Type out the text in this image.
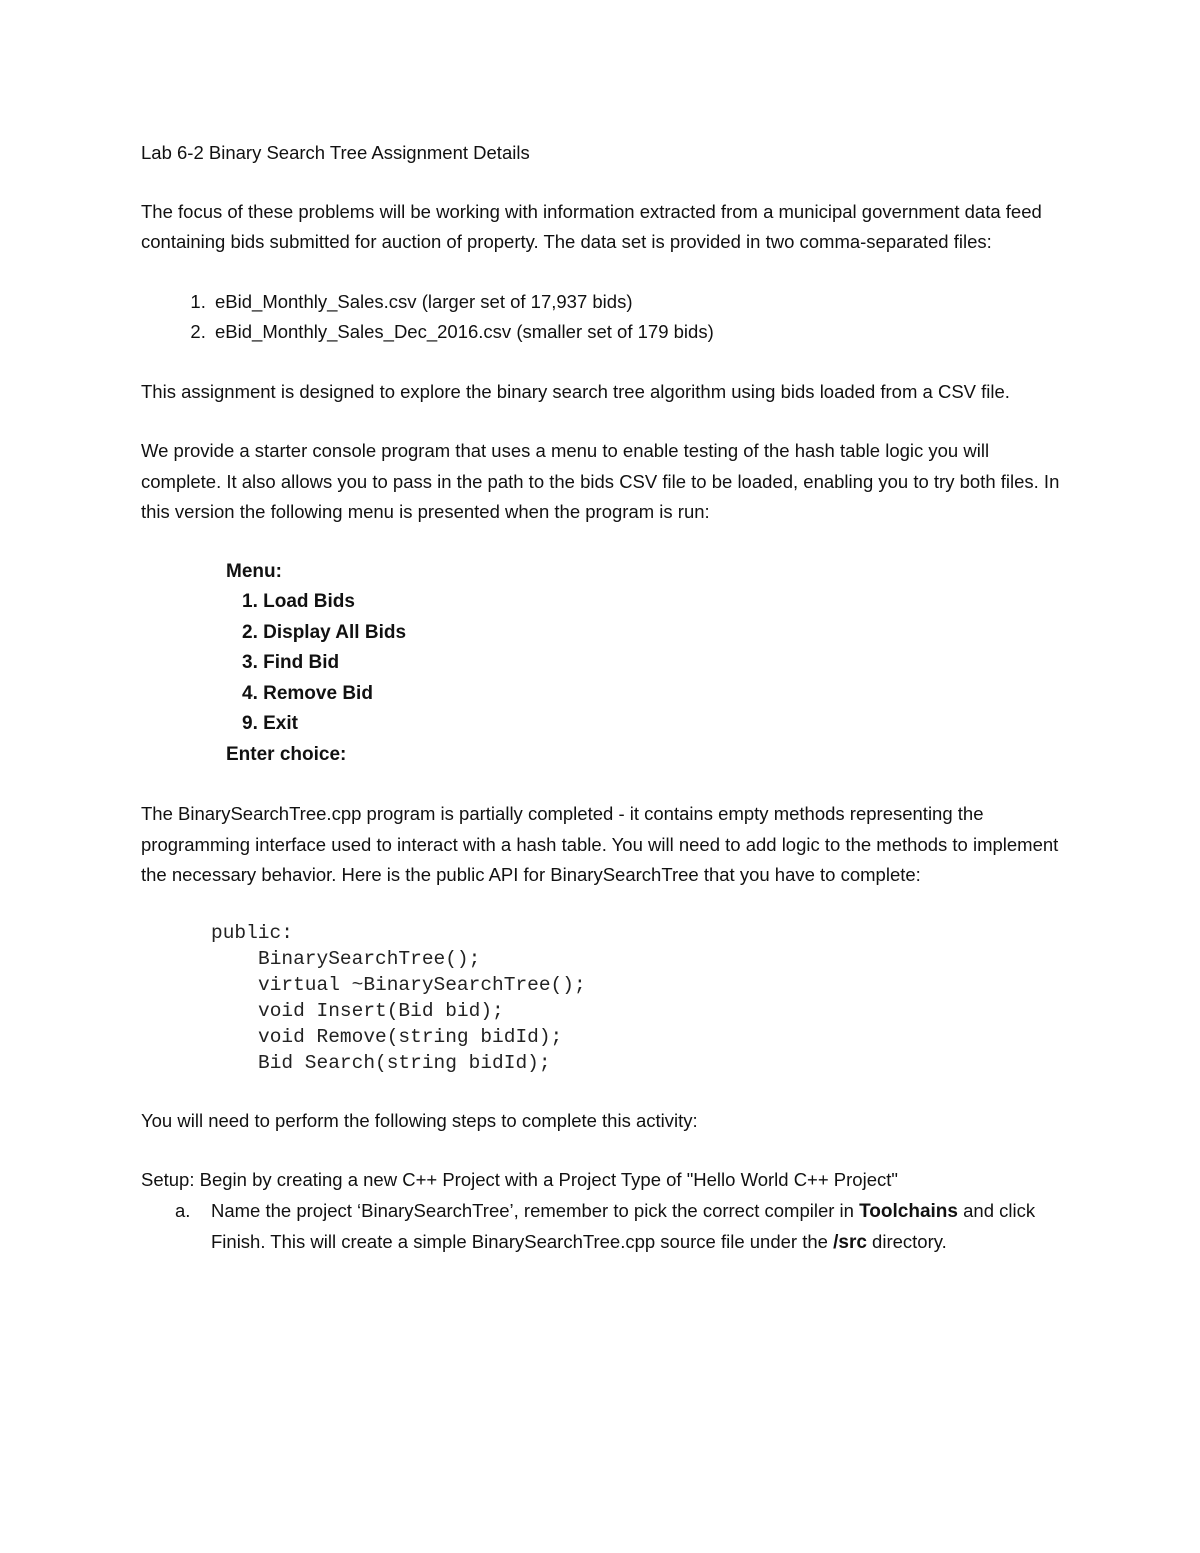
Lab 6-2 Binary Search Tree Assignment Details

The focus of these problems will be working with information extracted from a municipal government data feed containing bids submitted for auction of property. The data set is provided in two comma-separated files:

1. eBid_Monthly_Sales.csv (larger set of 17,937 bids)
2. eBid_Monthly_Sales_Dec_2016.csv (smaller set of 179 bids)

This assignment is designed to explore the binary search tree algorithm using bids loaded from a CSV file.

We provide a starter console program that uses a menu to enable testing of the hash table logic you will complete. It also allows you to pass in the path to the bids CSV file to be loaded, enabling you to try both files. In this version the following menu is presented when the program is run:

Menu:
1. Load Bids
2. Display All Bids
3. Find Bid
4. Remove Bid
9. Exit
Enter choice:

The BinarySearchTree.cpp program is partially completed - it contains empty methods representing the programming interface used to interact with a hash table. You will need to add logic to the methods to implement the necessary behavior. Here is the public API for BinarySearchTree that you have to complete:

public:
BinarySearchTree();
virtual ~BinarySearchTree();
void Insert(Bid bid);
void Remove(string bidId);
Bid Search(string bidId);

You will need to perform the following steps to complete this activity:

Setup: Begin by creating a new C++ Project with a Project Type of "Hello World C++ Project"
a. Name the project ‘BinarySearchTree’, remember to pick the correct compiler in Toolchains and click Finish. This will create a simple BinarySearchTree.cpp source file under the /src directory.
